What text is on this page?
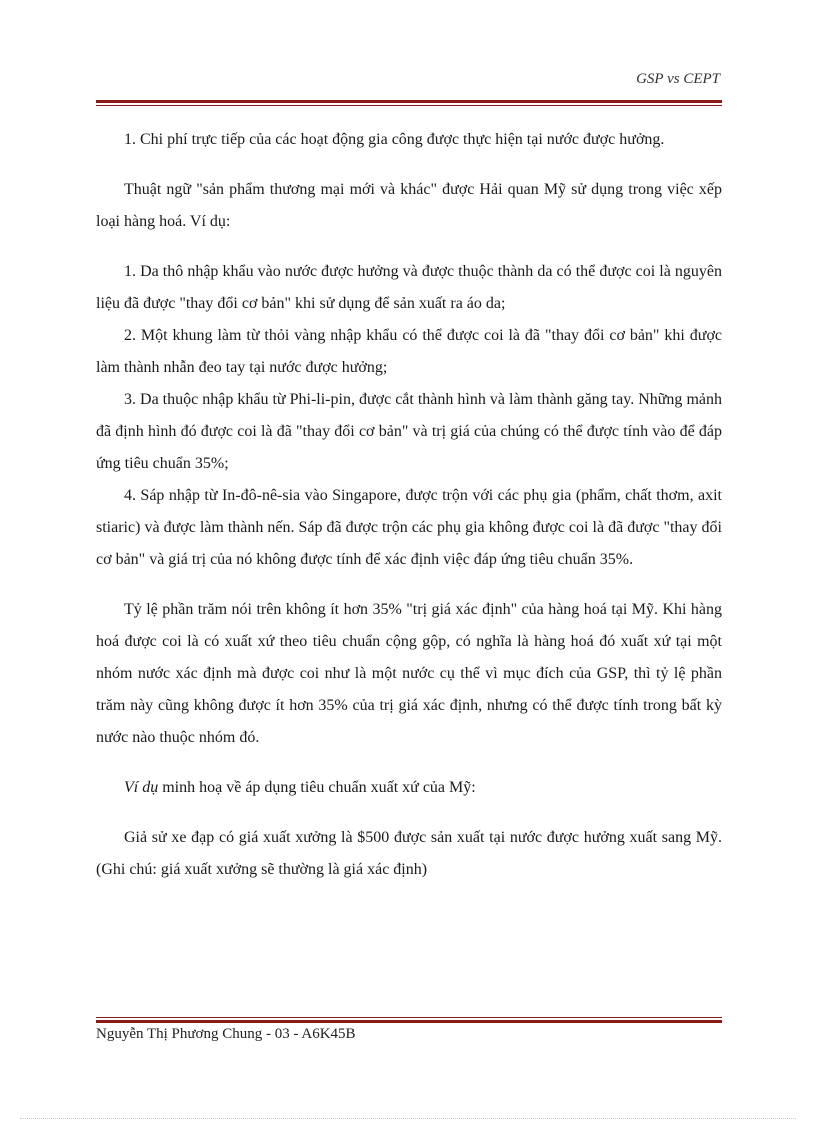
GSP vs CEPT

1. Chi phí trực tiếp của các hoạt động gia công được thực hiện tại nước được hưởng.

Thuật ngữ "sản phẩm thương mại mới và khác" được Hải quan Mỹ sử dụng trong việc xếp loại hàng hoá. Ví dụ:

1. Da thô nhập khẩu vào nước được hưởng và được thuộc thành da có thể được coi là nguyên liệu đã được "thay đổi cơ bản" khi sử dụng để sản xuất ra áo da;

2. Một khung làm từ thỏi vàng nhập khẩu có thể được coi là đã "thay đổi cơ bản" khi được làm thành nhẫn đeo tay tại nước được hưởng;

3. Da thuộc nhập khẩu từ Phi-li-pin, được cắt thành hình và làm thành găng tay. Những mảnh đã định hình đó được coi là đã "thay đổi cơ bản" và trị giá của chúng có thể được tính vào để đáp ứng tiêu chuẩn 35%;

4. Sáp nhập từ In-đô-nê-sia vào Singapore, được trộn với các phụ gia (phẩm, chất thơm, axit stiaric) và được làm thành nến. Sáp đã được trộn các phụ gia không được coi là đã được "thay đổi cơ bản" và giá trị của nó không được tính để xác định việc đáp ứng tiêu chuẩn 35%.

Tỷ lệ phần trăm nói trên không ít hơn 35% "trị giá xác định" của hàng hoá tại Mỹ. Khi hàng hoá được coi là có xuất xứ theo tiêu chuẩn cộng gộp, có nghĩa là hàng hoá đó xuất xứ tại một nhóm nước xác định mà được coi như là một nước cụ thể vì mục đích của GSP, thì tỷ lệ phần trăm này cũng không được ít hơn 35% của trị giá xác định, nhưng có thể được tính trong bất kỳ nước nào thuộc nhóm đó.

Ví dụ minh hoạ về áp dụng tiêu chuẩn xuất xứ của Mỹ:

Giả sử xe đạp có giá xuất xưởng là $500 được sản xuất tại nước được hưởng xuất sang Mỹ. (Ghi chú: giá xuất xưởng sẽ thường là giá xác định)

Nguyễn Thị Phương Chung - 03 - A6K45B
